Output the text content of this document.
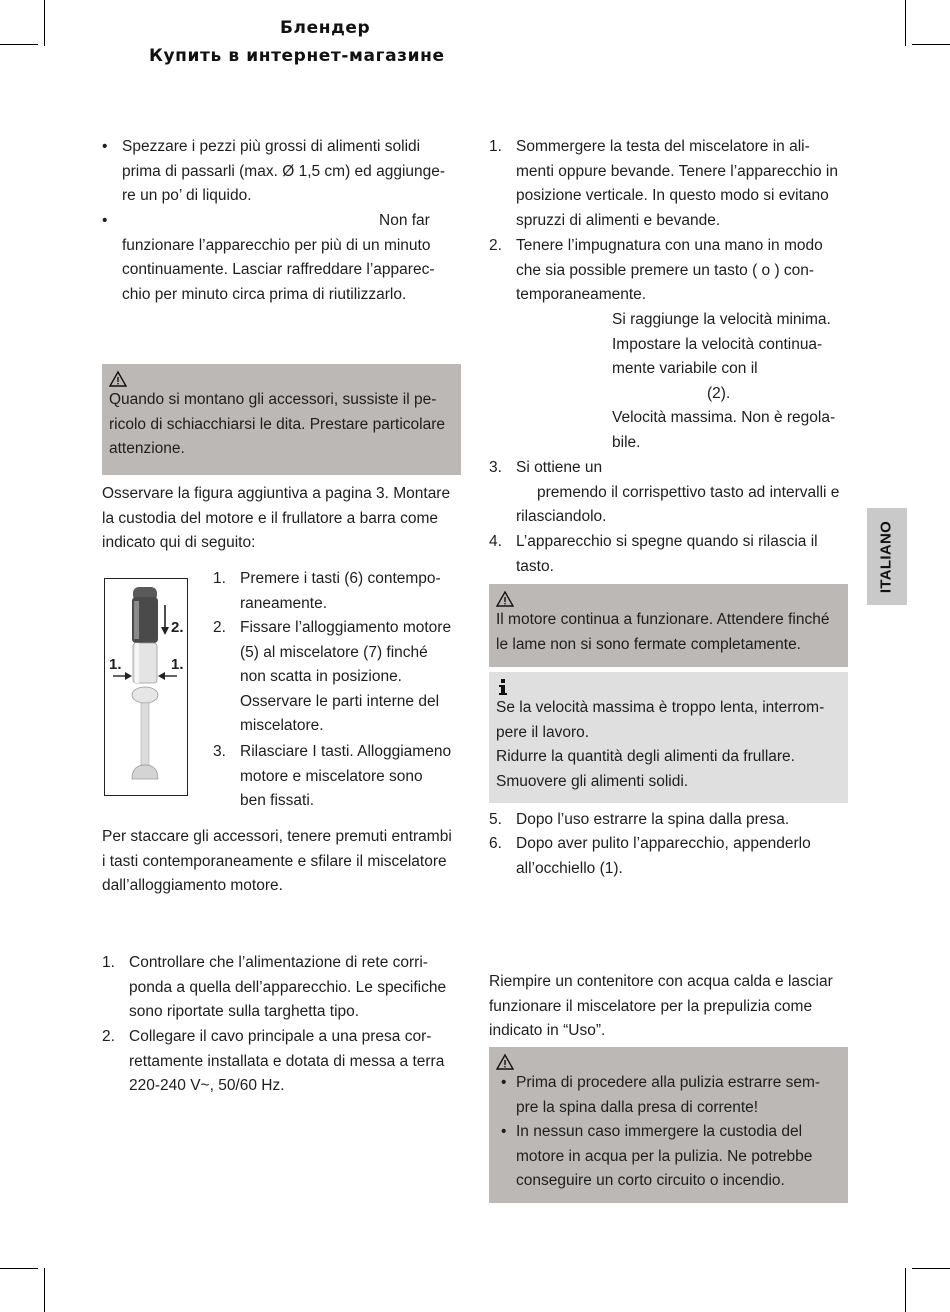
Блендер
Купить в интернет-магазине
ITALIANO
• Spezzare i pezzi più grossi di alimenti solidi
prima di passarli (max. Ø 1,5 cm) ed aggiunge-
re un po’ di liquido.
•	Non far
funzionare l’apparecchio per più di un minuto
continuamente. Lasciar raffreddare l’apparec-
chio per minuto circa prima di riutilizzarlo.
Quando si montano gli accessori, sussiste il pe-
ricolo di schiacchiarsi le dita. Prestare particolare
attenzione.
Osservare la figura aggiuntiva a pagina 3. Montare
la custodia del motore e il frullatore a barra come
indicato qui di seguito:
2.
1.	1.
1. Premere i tasti (6) contempo-
raneamente.
2. Fissare l’alloggiamento motore
(5) al miscelatore (7) finché
non scatta in posizione.
Osservare le parti interne del
miscelatore.
3. Rilasciare I tasti. Alloggiameno
motore e miscelatore sono
ben fissati.
Per staccare gli accessori, tenere premuti entrambi
i tasti contemporaneamente e sfilare il miscelatore
dall’alloggiamento motore.
1. Controllare che l’alimentazione di rete corri-
ponda a quella dell’apparecchio. Le specifiche
sono riportate sulla targhetta tipo.
2. Collegare il cavo principale a una presa cor-
rettamente installata e dotata di messa a terra
220-240 V~, 50/60 Hz.
1. Sommergere la testa del miscelatore in ali-
menti oppure bevande. Tenere l’apparecchio in
posizione verticale. In questo modo si evitano
spruzzi di alimenti e bevande.
2. Tenere l’impugnatura con una mano in modo
che sia possible premere un tasto ( o ) con-
temporaneamente.
Si raggiunge la velocità minima.
Impostare la velocità continua-
mente variabile con il
(2).
Velocità massima. Non è regola-
bile.
3. Si ottiene un
premendo il corrispettivo tasto ad intervalli e
rilasciandolo.
4. L’apparecchio si spegne quando si rilascia il
tasto.
Il motore continua a funzionare. Attendere finché
le lame non si sono fermate completamente.
Se la velocità massima è troppo lenta, interrom-
pere il lavoro.
Ridurre la quantità degli alimenti da frullare.
Smuovere gli alimenti solidi.
5. Dopo l’uso estrarre la spina dalla presa.
6. Dopo aver pulito l’apparecchio, appenderlo
all’occhiello (1).
Riempire un contenitore con acqua calda e lasciar
funzionare il miscelatore per la prepulizia come
indicato in “Uso”.
• Prima di procedere alla pulizia estrarre sem-
pre la spina dalla presa di corrente!
• In nessun caso immergere la custodia del
motore in acqua per la pulizia. Ne potrebbe
conseguire un corto circuito o incendio.
